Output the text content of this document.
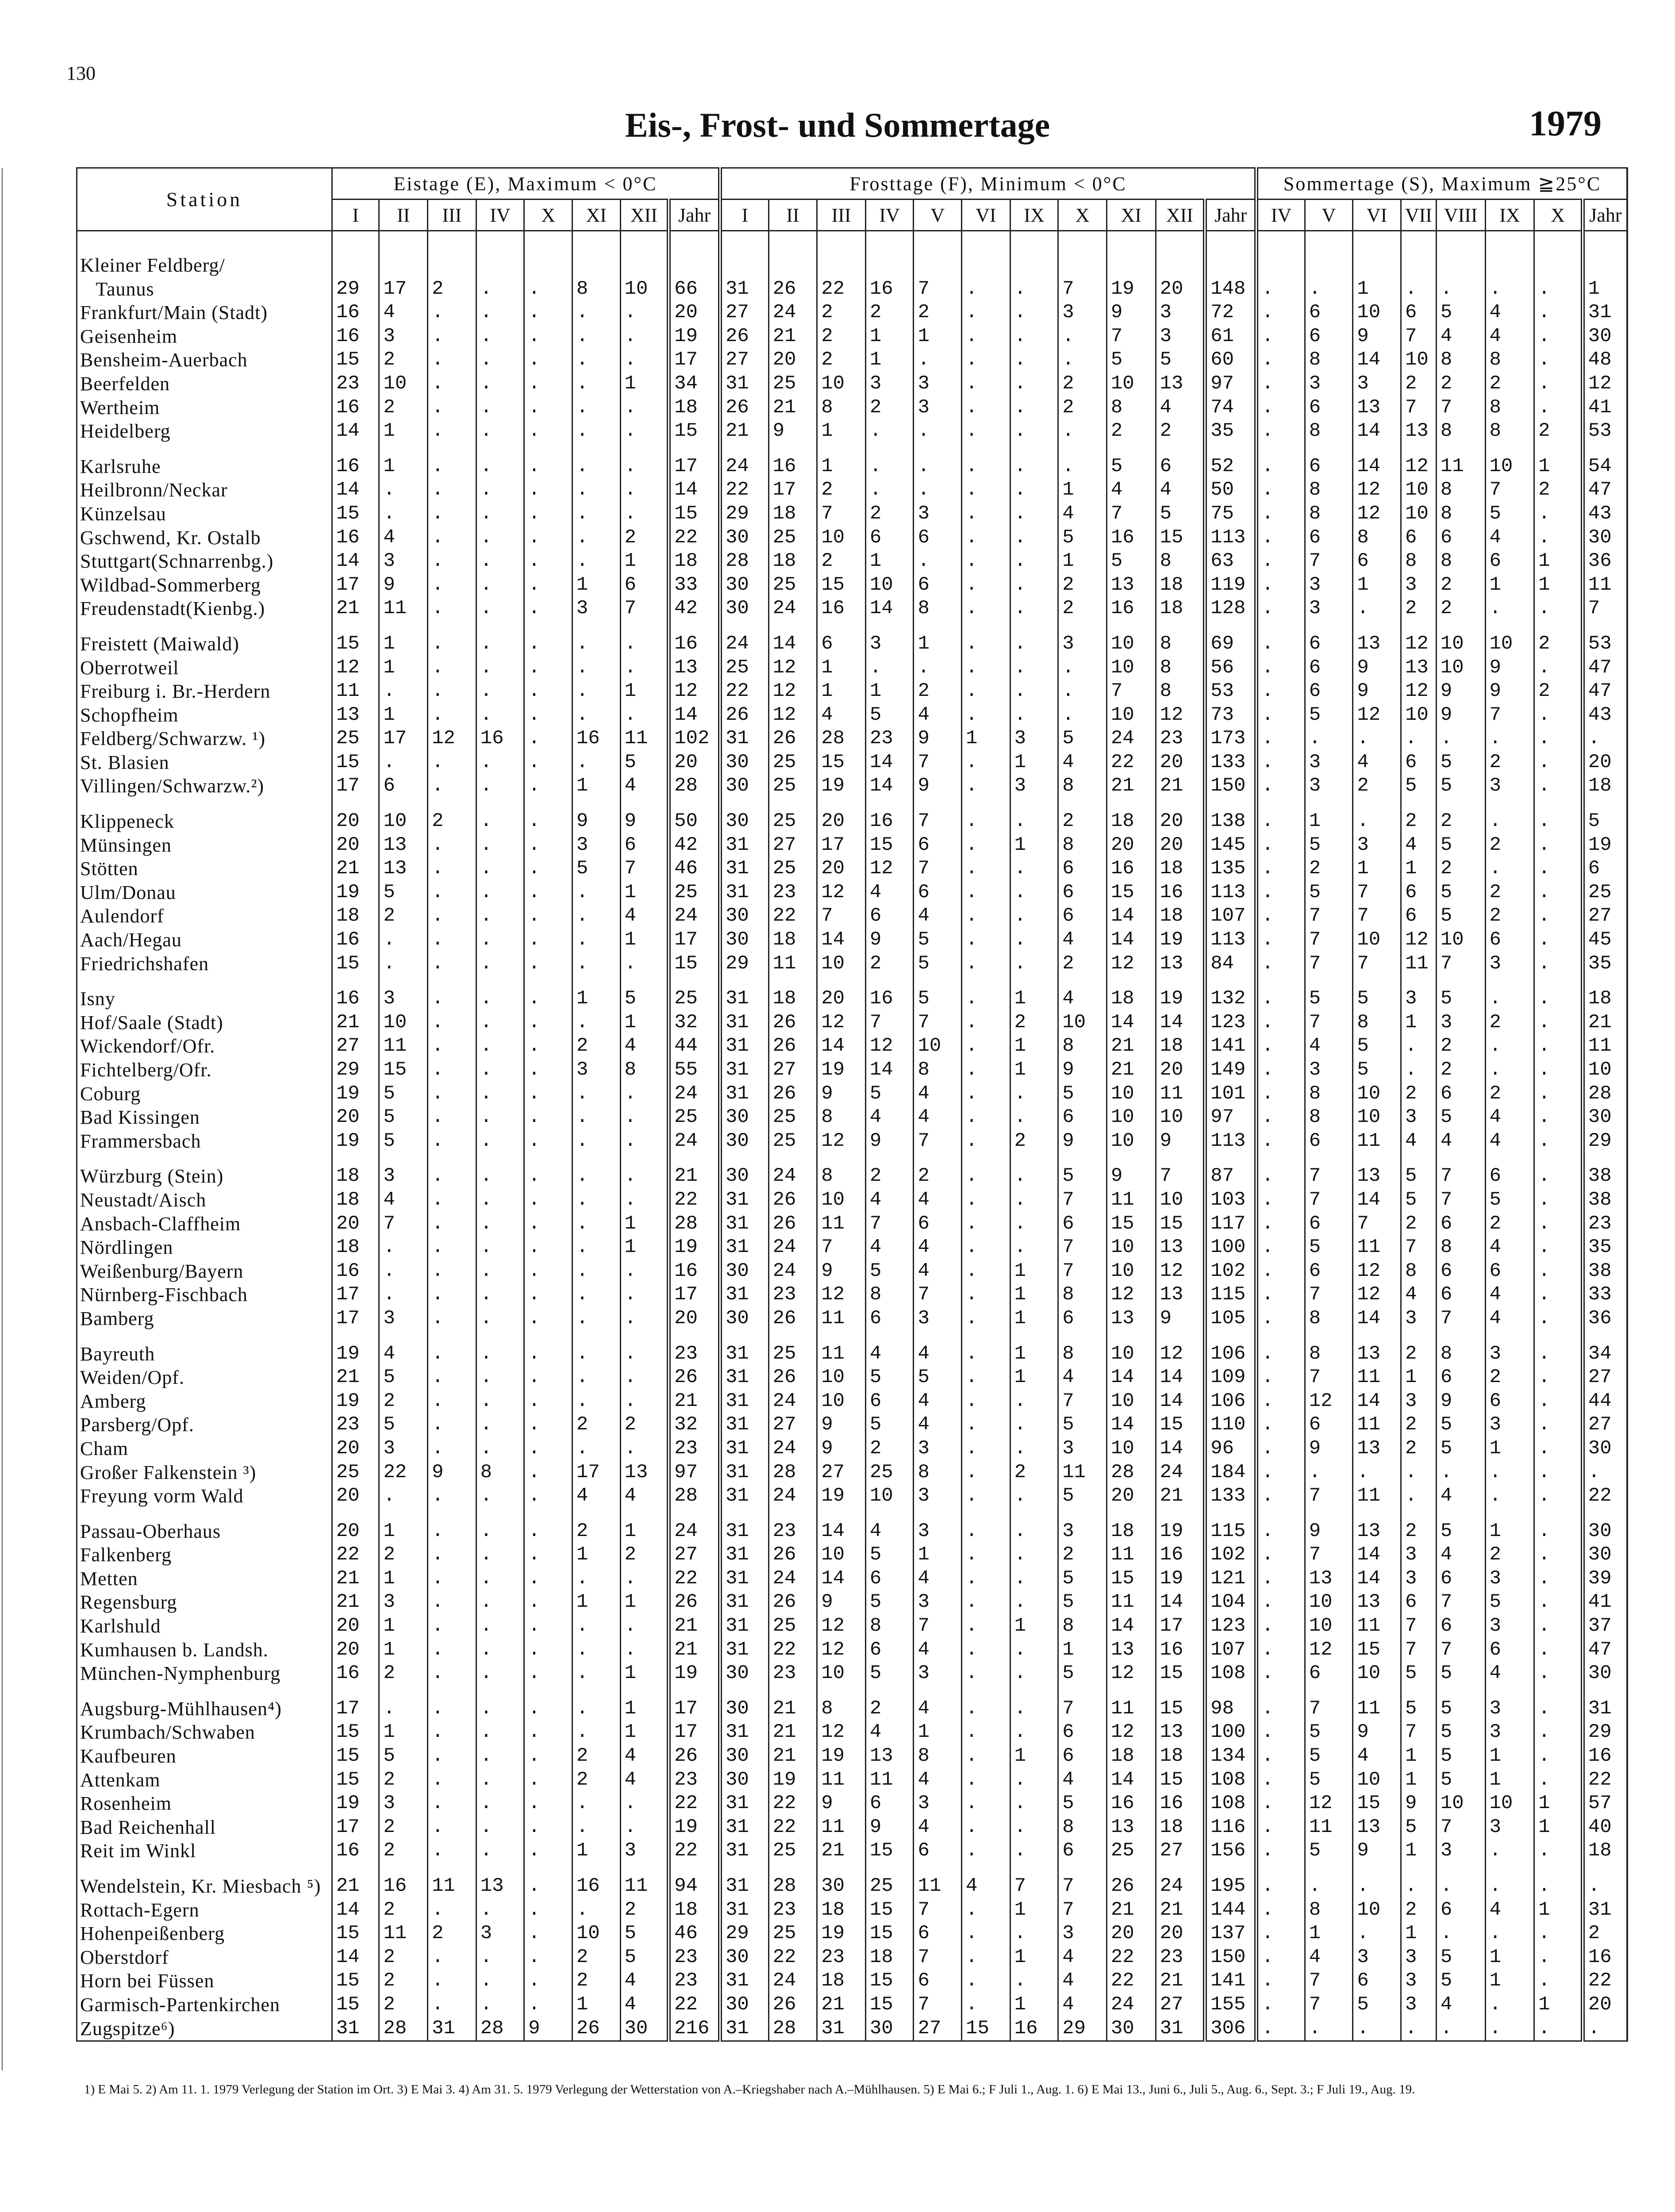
130
Eis-, Frost- und Sommertage	1979
Station	Eistage (E), Maximum < 0°C								Frosttage (F), Minimum < 0°C											Sommertage (S), Maximum ≧25°C							
	I	II	III	IV	X	XI	XII	Jahr	I	II	III	IV	V	VI	IX	X	XI	XII	Jahr	IV	V	VI	VII	VIII	IX	X	Jahr
Kleiner Feldberg/																											
Taunus	29	17	2	.	.	8	10	66	31	26	22	16	7	.	.	7	19	20	148	.	.	1	.	.	.	.	1
Frankfurt/Main (Stadt)	16	4	.	.	.	.	.	20	27	24	2	2	2	.	.	3	9	3	72	.	6	10	6	5	4	.	31
Geisenheim	16	3	.	.	.	.	.	19	26	21	2	1	1	.	.	.	7	3	61	.	6	9	7	4	4	.	30
Bensheim-Auerbach	15	2	.	.	.	.	.	17	27	20	2	1	.	.	.	.	5	5	60	.	8	14	10	8	8	.	48
Beerfelden	23	10	.	.	.	.	1	34	31	25	10	3	3	.	.	2	10	13	97	.	3	3	2	2	2	.	12
Wertheim	16	2	.	.	.	.	.	18	26	21	8	2	3	.	.	2	8	4	74	.	6	13	7	7	8	.	41
Heidelberg	14	1	.	.	.	.	.	15	21	9	1	.	.	.	.	.	2	2	35	.	8	14	13	8	8	2	53

Karlsruhe	16	1	.	.	.	.	.	17	24	16	1	.	.	.	.	.	5	6	52	.	6	14	12	11	10	1	54
Heilbronn/Neckar	14	.	.	.	.	.	.	14	22	17	2	.	.	.	.	1	4	4	50	.	8	12	10	8	7	2	47
Künzelsau	15	.	.	.	.	.	.	15	29	18	7	2	3	.	.	4	7	5	75	.	8	12	10	8	5	.	43
Gschwend, Kr. Ostalb	16	4	.	.	.	.	2	22	30	25	10	6	6	.	.	5	16	15	113	.	6	8	6	6	4	.	30
Stuttgart(Schnarrenbg.)	14	3	.	.	.	.	1	18	28	18	2	1	.	.	.	1	5	8	63	.	7	6	8	8	6	1	36
Wildbad-Sommerberg	17	9	.	.	.	1	6	33	30	25	15	10	6	.	.	2	13	18	119	.	3	1	3	2	1	1	11
Freudenstadt(Kienbg.)	21	11	.	.	.	3	7	42	30	24	16	14	8	.	.	2	16	18	128	.	3	.	2	2	.	.	7

Freistett (Maiwald)	15	1	.	.	.	.	.	16	24	14	6	3	1	.	.	3	10	8	69	.	6	13	12	10	10	2	53
Oberrotweil	12	1	.	.	.	.	.	13	25	12	1	.	.	.	.	.	10	8	56	.	6	9	13	10	9	.	47
Freiburg i. Br.-Herdern	11	.	.	.	.	.	1	12	22	12	1	1	2	.	.	.	7	8	53	.	6	9	12	9	9	2	47
Schopfheim	13	1	.	.	.	.	.	14	26	12	4	5	4	.	.	.	10	12	73	.	5	12	10	9	7	.	43
Feldberg/Schwarzw. ¹)	25	17	12	16	.	16	11	102	31	26	28	23	9	1	3	5	24	23	173	.	.	.	.	.	.	.	.
St. Blasien	15	.	.	.	.	.	5	20	30	25	15	14	7	.	1	4	22	20	133	.	3	4	6	5	2	.	20
Villingen/Schwarzw.²)	17	6	.	.	.	1	4	28	30	25	19	14	9	.	3	8	21	21	150	.	3	2	5	5	3	.	18

Klippeneck	20	10	2	.	.	9	9	50	30	25	20	16	7	.	.	2	18	20	138	.	1	.	2	2	.	.	5
Münsingen	20	13	.	.	.	3	6	42	31	27	17	15	6	.	1	8	20	20	145	.	5	3	4	5	2	.	19
Stötten	21	13	.	.	.	5	7	46	31	25	20	12	7	.	.	6	16	18	135	.	2	1	1	2	.	.	6
Ulm/Donau	19	5	.	.	.	.	1	25	31	23	12	4	6	.	.	6	15	16	113	.	5	7	6	5	2	.	25
Aulendorf	18	2	.	.	.	.	4	24	30	22	7	6	4	.	.	6	14	18	107	.	7	7	6	5	2	.	27
Aach/Hegau	16	.	.	.	.	.	1	17	30	18	14	9	5	.	.	4	14	19	113	.	7	10	12	10	6	.	45
Friedrichshafen	15	.	.	.	.	.	.	15	29	11	10	2	5	.	.	2	12	13	84	.	7	7	11	7	3	.	35

Isny	16	3	.	.	.	1	5	25	31	18	20	16	5	.	1	4	18	19	132	.	5	5	3	5	.	.	18
Hof/Saale (Stadt)	21	10	.	.	.	.	1	32	31	26	12	7	7	.	2	10	14	14	123	.	7	8	1	3	2	.	21
Wickendorf/Ofr.	27	11	.	.	.	2	4	44	31	26	14	12	10	.	1	8	21	18	141	.	4	5	.	2	.	.	11
Fichtelberg/Ofr.	29	15	.	.	.	3	8	55	31	27	19	14	8	.	1	9	21	20	149	.	3	5	.	2	.	.	10
Coburg	19	5	.	.	.	.	.	24	31	26	9	5	4	.	.	5	10	11	101	.	8	10	2	6	2	.	28
Bad Kissingen	20	5	.	.	.	.	.	25	30	25	8	4	4	.	.	6	10	10	97	.	8	10	3	5	4	.	30
Frammersbach	19	5	.	.	.	.	.	24	30	25	12	9	7	.	2	9	10	9	113	.	6	11	4	4	4	.	29

Würzburg (Stein)	18	3	.	.	.	.	.	21	30	24	8	2	2	.	.	5	9	7	87	.	7	13	5	7	6	.	38
Neustadt/Aisch	18	4	.	.	.	.	.	22	31	26	10	4	4	.	.	7	11	10	103	.	7	14	5	7	5	.	38
Ansbach-Claffheim	20	7	.	.	.	.	1	28	31	26	11	7	6	.	.	6	15	15	117	.	6	7	2	6	2	.	23
Nördlingen	18	.	.	.	.	.	1	19	31	24	7	4	4	.	.	7	10	13	100	.	5	11	7	8	4	.	35
Weißenburg/Bayern	16	.	.	.	.	.	.	16	30	24	9	5	4	.	1	7	10	12	102	.	6	12	8	6	6	.	38
Nürnberg-Fischbach	17	.	.	.	.	.	.	17	31	23	12	8	7	.	1	8	12	13	115	.	7	12	4	6	4	.	33
Bamberg	17	3	.	.	.	.	.	20	30	26	11	6	3	.	1	6	13	9	105	.	8	14	3	7	4	.	36

Bayreuth	19	4	.	.	.	.	.	23	31	25	11	4	4	.	1	8	10	12	106	.	8	13	2	8	3	.	34
Weiden/Opf.	21	5	.	.	.	.	.	26	31	26	10	5	5	.	1	4	14	14	109	.	7	11	1	6	2	.	27
Amberg	19	2	.	.	.	.	.	21	31	24	10	6	4	.	.	7	10	14	106	.	12	14	3	9	6	.	44
Parsberg/Opf.	23	5	.	.	.	2	2	32	31	27	9	5	4	.	.	5	14	15	110	.	6	11	2	5	3	.	27
Cham	20	3	.	.	.	.	.	23	31	24	9	2	3	.	.	3	10	14	96	.	9	13	2	5	1	.	30
Großer Falkenstein ³)	25	22	9	8	.	17	13	97	31	28	27	25	8	.	2	11	28	24	184	.	.	.	.	.	.	.	.
Freyung vorm Wald	20	.	.	.	.	4	4	28	31	24	19	10	3	.	.	5	20	21	133	.	7	11	.	4	.	.	22

Passau-Oberhaus	20	1	.	.	.	2	1	24	31	23	14	4	3	.	.	3	18	19	115	.	9	13	2	5	1	.	30
Falkenberg	22	2	.	.	.	1	2	27	31	26	10	5	1	.	.	2	11	16	102	.	7	14	3	4	2	.	30
Metten	21	1	.	.	.	.	.	22	31	24	14	6	4	.	.	5	15	19	121	.	13	14	3	6	3	.	39
Regensburg	21	3	.	.	.	1	1	26	31	26	9	5	3	.	.	5	11	14	104	.	10	13	6	7	5	.	41
Karlshuld	20	1	.	.	.	.	.	21	31	25	12	8	7	.	1	8	14	17	123	.	10	11	7	6	3	.	37
Kumhausen b. Landsh.	20	1	.	.	.	.	.	21	31	22	12	6	4	.	.	1	13	16	107	.	12	15	7	7	6	.	47
München-Nymphenburg	16	2	.	.	.	.	1	19	30	23	10	5	3	.	.	5	12	15	108	.	6	10	5	5	4	.	30

Augsburg-Mühlhausen⁴)	17	.	.	.	.	.	1	17	30	21	8	2	4	.	.	7	11	15	98	.	7	11	5	5	3	.	31
Krumbach/Schwaben	15	1	.	.	.	.	1	17	31	21	12	4	1	.	.	6	12	13	100	.	5	9	7	5	3	.	29
Kaufbeuren	15	5	.	.	.	2	4	26	30	21	19	13	8	.	1	6	18	18	134	.	5	4	1	5	1	.	16
Attenkam	15	2	.	.	.	2	4	23	30	19	11	11	4	.	.	4	14	15	108	.	5	10	1	5	1	.	22
Rosenheim	19	3	.	.	.	.	.	22	31	22	9	6	3	.	.	5	16	16	108	.	12	15	9	10	10	1	57
Bad Reichenhall	17	2	.	.	.	.	.	19	31	22	11	9	4	.	.	8	13	18	116	.	11	13	5	7	3	1	40
Reit im Winkl	16	2	.	.	.	1	3	22	31	25	21	15	6	.	.	6	25	27	156	.	5	9	1	3	.	.	18

Wendelstein, Kr. Miesbach ⁵)	21	16	11	13	.	16	11	94	31	28	30	25	11	4	7	7	26	24	195	.	.	.	.	.	.	.	.
Rottach-Egern	14	2	.	.	.	.	2	18	31	23	18	15	7	.	1	7	21	21	144	.	8	10	2	6	4	1	31
Hohenpeißenberg	15	11	2	3	.	10	5	46	29	25	19	15	6	.	.	3	20	20	137	.	1	.	1	.	.	.	2
Oberstdorf	14	2	.	.	.	2	5	23	30	22	23	18	7	.	1	4	22	23	150	.	4	3	3	5	1	.	16
Horn bei Füssen	15	2	.	.	.	2	4	23	31	24	18	15	6	.	.	4	22	21	141	.	7	6	3	5	1	.	22
Garmisch-Partenkirchen	15	2	.	.	.	1	4	22	30	26	21	15	7	.	1	4	24	27	155	.	7	5	3	4	.	1	20
Zugspitze⁶)	31	28	31	28	9	26	30	216	31	28	31	30	27	15	16	29	30	31	306	.	.	.	.	.	.	.	.
1) E Mai 5. 2) Am 11. 1. 1979 Verlegung der Station im Ort. 3) E Mai 3. 4) Am 31. 5. 1979 Verlegung der Wetterstation von A.–Kriegshaber nach A.–Mühlhausen. 5) E Mai 6.; F Juli 1., Aug. 1. 6) E Mai 13., Juni 6., Juli 5., Aug. 6., Sept. 3.; F Juli 19., Aug. 19.
